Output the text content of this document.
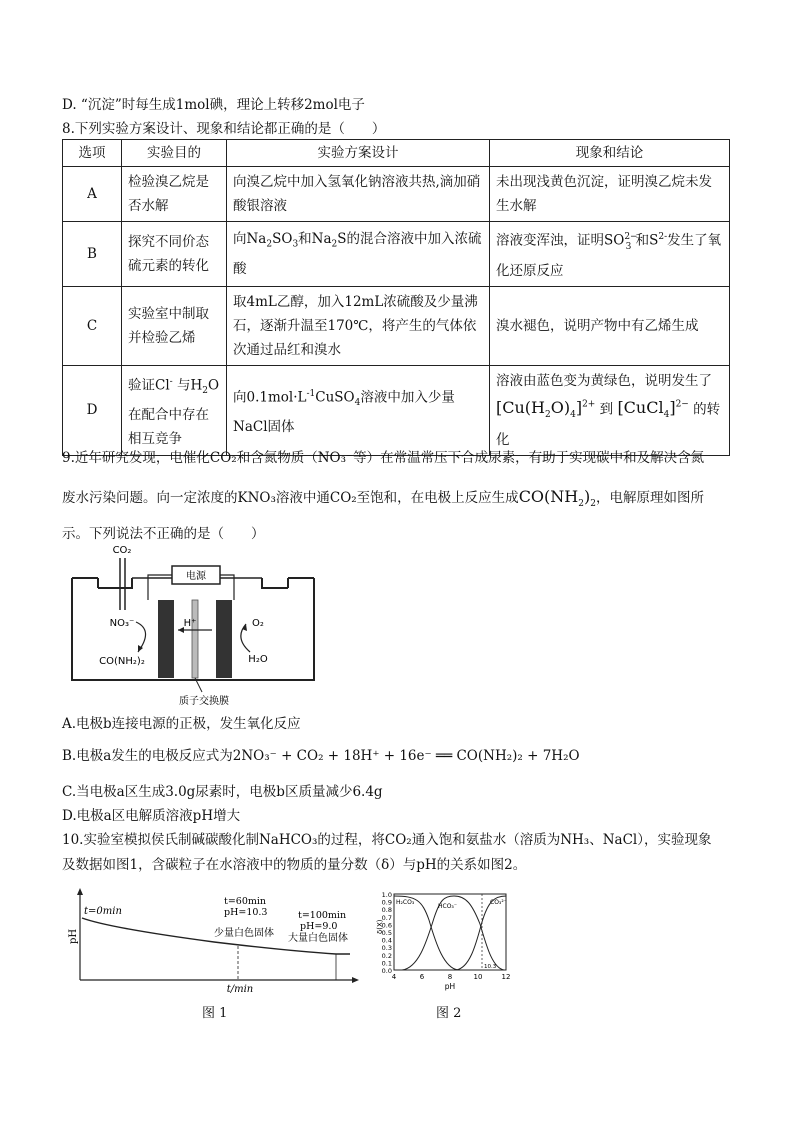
D. “沉淀”时每生成1mol碘，理论上转移2mol电子
8.下列实验方案设计、现象和结论都正确的是（　　）
选项	实验目的	实验方案设计	现象和结论
A	检验溴乙烷是否水解	向溴乙烷中加入氢氧化钠溶液共热,滴加硝酸银溶液	未出现浅黄色沉淀，证明溴乙烷未发生水解
B	探究不同价态硫元素的转化	向$Na_2SO_3$和$Na_2S$的混合溶液中加入浓硫酸	溶液变浑浊，证明$SO^{2-}_3$ 和$S^{2-}$发生了氧化还原反应
C	实验室中制取并检验乙烯	取4mL乙醇，加入12mL浓硫酸及少量沸石，逐渐升温至170℃，将产生的气体依次通过品红和溴水	溴水褪色，说明产物中有乙烯生成
D	验证Cl- 与$H_2O$在配合中存在相互竞争	向$0.1mol\cdot L^{-1}CuSO_4$溶液中加入少量NaCl固体	溶液由蓝色变为黄绿色，说明发生了
$[Cu(H_2O)_4]^{2+}$ 到 [CuCl$_4$]$^{2-}$ 的转化
9.近年研究发现，电催化CO₂和含氮物质（NO₃⁻等）在常温常压下合成尿素，有助于实现碳中和及解决含氮
废水污染问题。向一定浓度的KNO₃溶液中通CO₂至饱和，在电极上反应生成$CO(NH_2)_2$，电解原理如图所
示。下列说法不正确的是（　　）
CO₂
电源
H⁺
NO₃⁻
CO(NH₂)₂
O₂
H₂O
质子交换膜
A.电极b连接电源的正极，发生氧化反应
B.电极a发生的电极反应式为2NO₃⁻ + CO₂ + 18H⁺ + 16e⁻ ══ CO(NH₂)₂ + 7H₂O
C.当电极a区生成3.0g尿素时，电极b区质量减少6.4g
D.电极a区电解质溶液pH增大
10.实验室模拟侯氏制碱碳酸化制NaHCO₃的过程，将CO₂通入饱和氨盐水（溶质为NH₃、NaCl），实验现象
及数据如图1，含碳粒子在水溶液中的物质的量分数（δ）与pH的关系如图2。
pH
t/min
t=0min
t=60min
pH=10.3
少量白色固体
t=100min
pH=9.0
大量白色固体
图 1
1.0
0.9
0.8
0.7
0.6
0.5
0.4
0.3
0.2
0.1
0.0
4	6	8	10	12
pH
δ(X)
10.3
H₂CO₃
HCO₃⁻
CO₃²⁻
图 2
